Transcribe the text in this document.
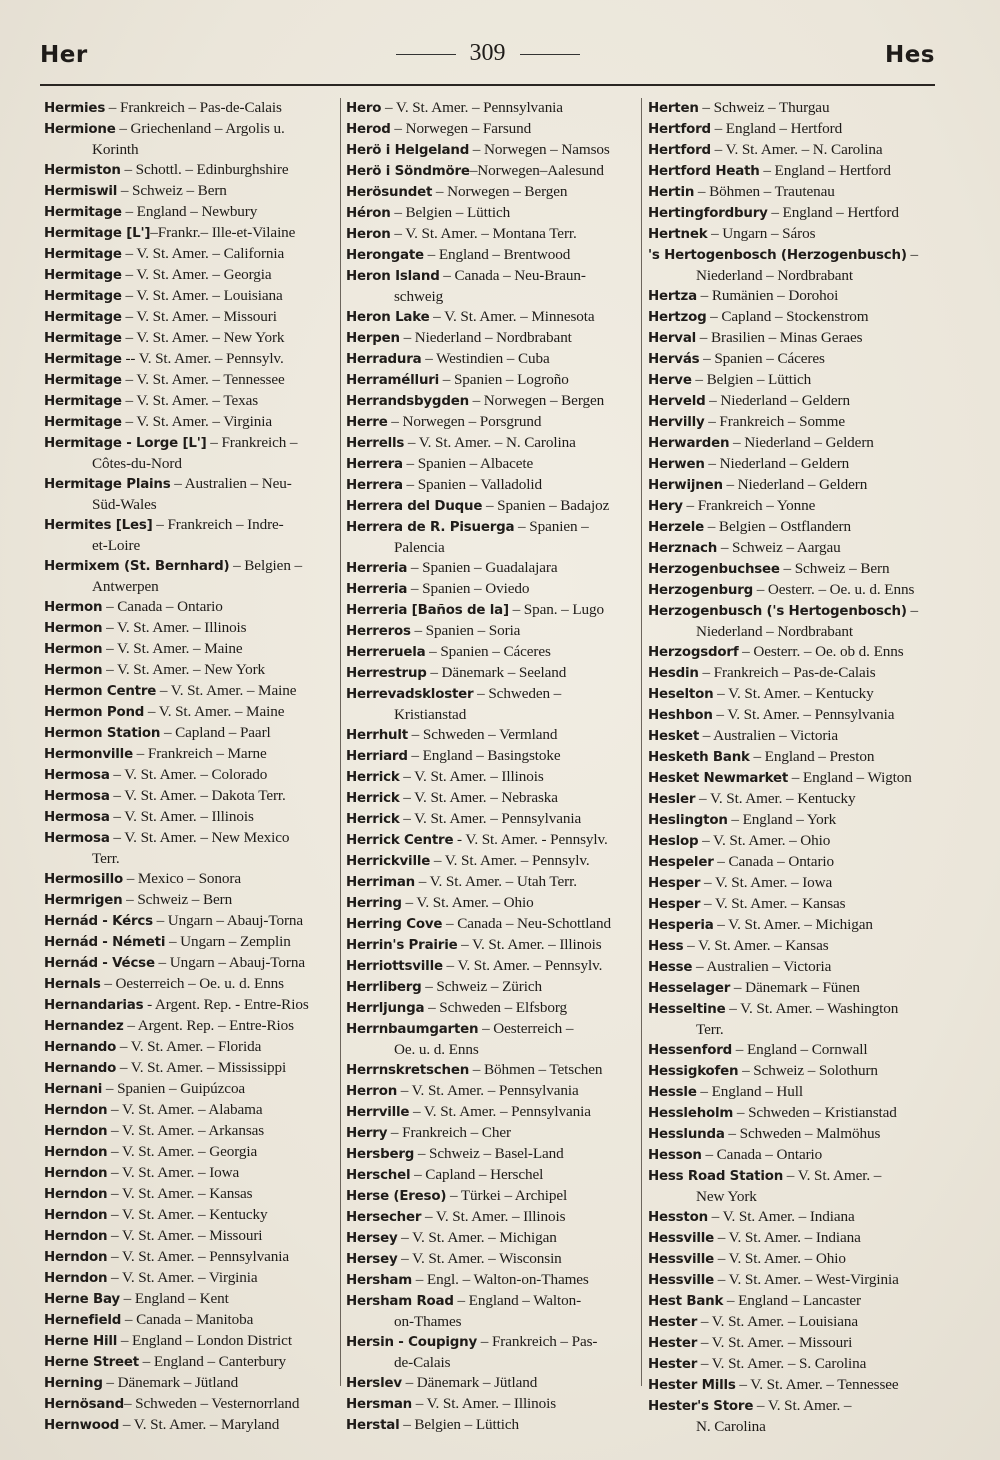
Her	309	Hes
Hermies – Frankreich – Pas-de-Calais
Hermione – Griechenland – Argolis u.
Korinth
Hermiston – Schottl. – Edinburghshire
Hermiswil – Schweiz – Bern
Hermitage – England – Newbury
Hermitage [L']–Frankr.– Ille-et-Vilaine
Hermitage – V. St. Amer. – California
Hermitage – V. St. Amer. – Georgia
Hermitage – V. St. Amer. – Louisiana
Hermitage – V. St. Amer. – Missouri
Hermitage – V. St. Amer. – New York
Hermitage -- V. St. Amer. – Pennsylv.
Hermitage – V. St. Amer. – Tennessee
Hermitage – V. St. Amer. – Texas
Hermitage – V. St. Amer. – Virginia
Hermitage - Lorge [L'] – Frankreich –
Côtes-du-Nord
Hermitage Plains – Australien – Neu-
Süd-Wales
Hermites [Les] – Frankreich – Indre-
et-Loire
Hermixem (St. Bernhard) – Belgien –
Antwerpen
Hermon – Canada – Ontario
Hermon – V. St. Amer. – Illinois
Hermon – V. St. Amer. – Maine
Hermon – V. St. Amer. – New York
Hermon Centre – V. St. Amer. – Maine
Hermon Pond – V. St. Amer. – Maine
Hermon Station – Capland – Paarl
Hermonville – Frankreich – Marne
Hermosa – V. St. Amer. – Colorado
Hermosa – V. St. Amer. – Dakota Terr.
Hermosa – V. St. Amer. – Illinois
Hermosa – V. St. Amer. – New Mexico
Terr.
Hermosillo – Mexico – Sonora
Hermrigen – Schweiz – Bern
Hernád - Kércs – Ungarn – Abauj-Torna
Hernád - Németi – Ungarn – Zemplin
Hernád - Vécse – Ungarn – Abauj-Torna
Hernals – Oesterreich – Oe. u. d. Enns
Hernandarias - Argent. Rep. - Entre-Rios
Hernandez – Argent. Rep. – Entre-Rios
Hernando – V. St. Amer. – Florida
Hernando – V. St. Amer. – Mississippi
Hernani – Spanien – Guipúzcoa
Herndon – V. St. Amer. – Alabama
Herndon – V. St. Amer. – Arkansas
Herndon – V. St. Amer. – Georgia
Herndon – V. St. Amer. – Iowa
Herndon – V. St. Amer. – Kansas
Herndon – V. St. Amer. – Kentucky
Herndon – V. St. Amer. – Missouri
Herndon – V. St. Amer. – Pennsylvania
Herndon – V. St. Amer. – Virginia
Herne Bay – England – Kent
Hernefield – Canada – Manitoba
Herne Hill – England – London District
Herne Street – England – Canterbury
Herning – Dänemark – Jütland
Hernösand– Schweden – Vesternorrland
Hernwood – V. St. Amer. – Maryland
Hero – V. St. Amer. – Pennsylvania
Herod – Norwegen – Farsund
Herö i Helgeland – Norwegen – Namsos
Herö i Söndmöre–Norwegen–Aalesund
Herösundet – Norwegen – Bergen
Héron – Belgien – Lüttich
Heron – V. St. Amer. – Montana Terr.
Herongate – England – Brentwood
Heron Island – Canada – Neu-Braun-
schweig
Heron Lake – V. St. Amer. – Minnesota
Herpen – Niederland – Nordbrabant
Herradura – Westindien – Cuba
Herramélluri – Spanien – Logroño
Herrandsbygden – Norwegen – Bergen
Herre – Norwegen – Porsgrund
Herrells – V. St. Amer. – N. Carolina
Herrera – Spanien – Albacete
Herrera – Spanien – Valladolid
Herrera del Duque – Spanien – Badajoz
Herrera de R. Pisuerga – Spanien –
Palencia
Herreria – Spanien – Guadalajara
Herreria – Spanien – Oviedo
Herreria [Baños de la] – Span. – Lugo
Herreros – Spanien – Soria
Herreruela – Spanien – Cáceres
Herrestrup – Dänemark – Seeland
Herrevadskloster – Schweden –
Kristianstad
Herrhult – Schweden – Vermland
Herriard – England – Basingstoke
Herrick – V. St. Amer. – Illinois
Herrick – V. St. Amer. – Nebraska
Herrick – V. St. Amer. – Pennsylvania
Herrick Centre - V. St. Amer. - Pennsylv.
Herrickville – V. St. Amer. – Pennsylv.
Herriman – V. St. Amer. – Utah Terr.
Herring – V. St. Amer. – Ohio
Herring Cove – Canada – Neu-Schottland
Herrin's Prairie – V. St. Amer. – Illinois
Herriottsville – V. St. Amer. – Pennsylv.
Herrliberg – Schweiz – Zürich
Herrljunga – Schweden – Elfsborg
Herrnbaumgarten – Oesterreich –
Oe. u. d. Enns
Herrnskretschen – Böhmen – Tetschen
Herron – V. St. Amer. – Pennsylvania
Herrville – V. St. Amer. – Pennsylvania
Herry – Frankreich – Cher
Hersberg – Schweiz – Basel-Land
Herschel – Capland – Herschel
Herse (Ereso) – Türkei – Archipel
Hersecher – V. St. Amer. – Illinois
Hersey – V. St. Amer. – Michigan
Hersey – V. St. Amer. – Wisconsin
Hersham – Engl. – Walton-on-Thames
Hersham Road – England – Walton-
on-Thames
Hersin - Coupigny – Frankreich – Pas-
de-Calais
Herslev – Dänemark – Jütland
Hersman – V. St. Amer. – Illinois
Herstal – Belgien – Lüttich
Herten – Schweiz – Thurgau
Hertford – England – Hertford
Hertford – V. St. Amer. – N. Carolina
Hertford Heath – England – Hertford
Hertin – Böhmen – Trautenau
Hertingfordbury – England – Hertford
Hertnek – Ungarn – Sáros
's Hertogenbosch (Herzogenbusch) –
Niederland – Nordbrabant
Hertza – Rumänien – Dorohoi
Hertzog – Capland – Stockenstrom
Herval – Brasilien – Minas Geraes
Hervás – Spanien – Cáceres
Herve – Belgien – Lüttich
Herveld – Niederland – Geldern
Hervilly – Frankreich – Somme
Herwarden – Niederland – Geldern
Herwen – Niederland – Geldern
Herwijnen – Niederland – Geldern
Hery – Frankreich – Yonne
Herzele – Belgien – Ostflandern
Herznach – Schweiz – Aargau
Herzogenbuchsee – Schweiz – Bern
Herzogenburg – Oesterr. – Oe. u. d. Enns
Herzogenbusch ('s Hertogenbosch) –
Niederland – Nordbrabant
Herzogsdorf – Oesterr. – Oe. ob d. Enns
Hesdin – Frankreich – Pas-de-Calais
Heselton – V. St. Amer. – Kentucky
Heshbon – V. St. Amer. – Pennsylvania
Hesket – Australien – Victoria
Hesketh Bank – England – Preston
Hesket Newmarket – England – Wigton
Hesler – V. St. Amer. – Kentucky
Heslington – England – York
Heslop – V. St. Amer. – Ohio
Hespeler – Canada – Ontario
Hesper – V. St. Amer. – Iowa
Hesper – V. St. Amer. – Kansas
Hesperia – V. St. Amer. – Michigan
Hess – V. St. Amer. – Kansas
Hesse – Australien – Victoria
Hesselager – Dänemark – Fünen
Hesseltine – V. St. Amer. – Washington
Terr.
Hessenford – England – Cornwall
Hessigkofen – Schweiz – Solothurn
Hessle – England – Hull
Hessleholm – Schweden – Kristianstad
Hesslunda – Schweden – Malmöhus
Hesson – Canada – Ontario
Hess Road Station – V. St. Amer. –
New York
Hesston – V. St. Amer. – Indiana
Hessville – V. St. Amer. – Indiana
Hessville – V. St. Amer. – Ohio
Hessville – V. St. Amer. – West-Virginia
Hest Bank – England – Lancaster
Hester – V. St. Amer. – Louisiana
Hester – V. St. Amer. – Missouri
Hester – V. St. Amer. – S. Carolina
Hester Mills – V. St. Amer. – Tennessee
Hester's Store – V. St. Amer. –
N. Carolina
